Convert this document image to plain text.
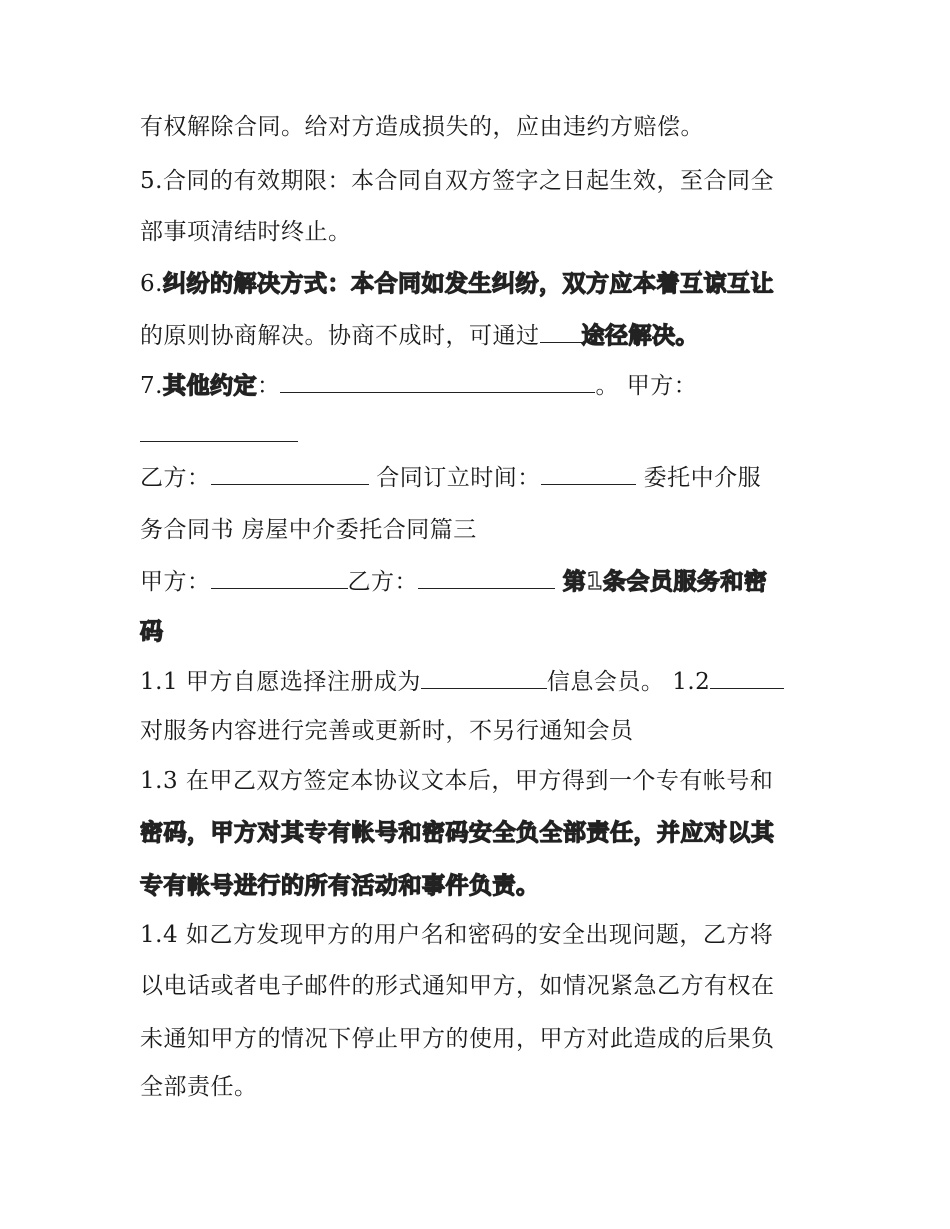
有权解除合同。给对方造成损失的，应由违约方赔偿。
5.合同的有效期限：本合同自双方签字之日起生效，至合同全
部事项清结时终止。
6.纠纷的解决方式：本合同如发生纠纷，双方应本着互谅互让
的原则协商解决。协商不成时，可通过 途径解决。
7.其他约定：	。 甲方：
乙方：	合同订立时间：	委托中介服
务合同书 房屋中介委托合同篇三
甲方：	乙方：	第1条会员服务和密
码
1.1 甲方自愿选择注册成为	信息会员。 1.2
对服务内容进行完善或更新时，不另行通知会员
1.3 在甲乙双方签定本协议文本后，甲方得到一个专有帐号和
密码，甲方对其专有帐号和密码安全负全部责任，并应对以其
专有帐号进行的所有活动和事件负责。
1.4 如乙方发现甲方的用户名和密码的安全出现问题，乙方将
以电话或者电子邮件的形式通知甲方，如情况紧急乙方有权在
未通知甲方的情况下停止甲方的使用，甲方对此造成的后果负
全部责任。
